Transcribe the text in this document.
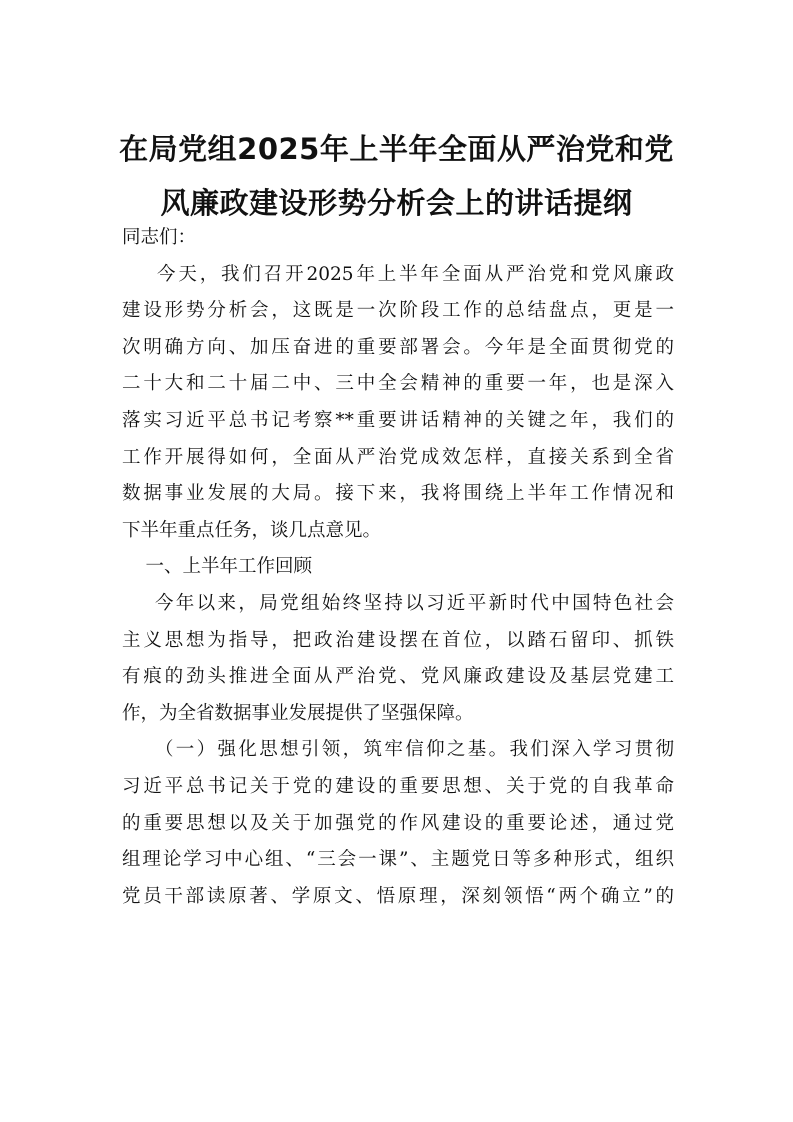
在局党组2025年上半年全面从严治党和党
风廉政建设形势分析会上的讲话提纲
同志们：
今天，我们召开2025年上半年全面从严治党和党风廉政
建设形势分析会，这既是一次阶段工作的总结盘点，更是一
次明确方向、加压奋进的重要部署会。今年是全面贯彻党的
二十大和二十届二中、三中全会精神的重要一年，也是深入
落实习近平总书记考察**重要讲话精神的关键之年，我们的
工作开展得如何，全面从严治党成效怎样，直接关系到全省
数据事业发展的大局。接下来，我将围绕上半年工作情况和
下半年重点任务，谈几点意见。
一、上半年工作回顾
今年以来，局党组始终坚持以习近平新时代中国特色社会
主义思想为指导，把政治建设摆在首位，以踏石留印、抓铁
有痕的劲头推进全面从严治党、党风廉政建设及基层党建工
作，为全省数据事业发展提供了坚强保障。
（一）强化思想引领，筑牢信仰之基。我们深入学习贯彻
习近平总书记关于党的建设的重要思想、关于党的自我革命
的重要思想以及关于加强党的作风建设的重要论述，通过党
组理论学习中心组、“三会一课”、主题党日等多种形式，组织
党员干部读原著、学原文、悟原理，深刻领悟“两个确立”的
